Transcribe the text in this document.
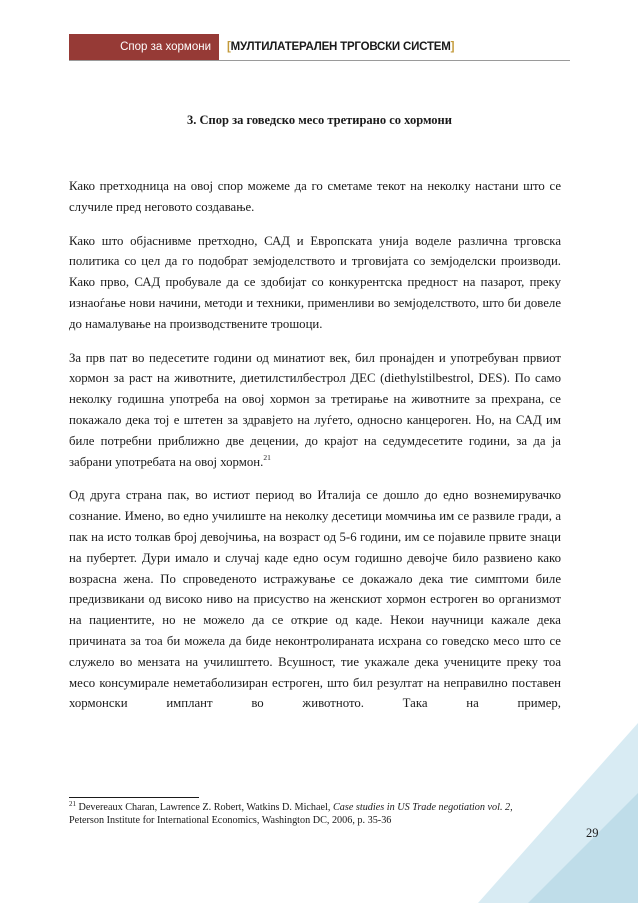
Спор за хормони [ МУЛТИЛАТЕРАЛЕН ТРГОВСКИ СИСТЕМ ]
3. Спор за говедско месо третирано со хормони

Како претходница на овој спор можеме да го сметаме текот на неколку настани што се случиле пред неговото создавање.

Како што објаснивме претходно, САД и Европската унија воделе различна трговска политика со цел да го подобрат земјоделството и трговијата со земјоделски производи. Како прво, САД пробувале да се здобијат со конкурентска предност на пазарот, преку изнаоѓање нови начини, методи и техники, применливи во земјоделството, што би довеле до намалување на производствените трошоци.

За прв пат во педесетите години од минатиот век, бил пронајден и употребуван првиот хормон за раст на животните, диетилстилбестрол ДЕС (diethylstilbestrol, DES). По само неколку годишна употреба на овој хормон за третирање на животните за прехрана, се покажало дека тој е штетен за здравјето на луѓето, односно канцероген. Но, на САД им биле потребни приближно две децении, до крајот на седумдесетите години, за да ја забрани употребата на овој хормон.$^{21}$

Од друга страна пак, во истиот период во Италија се дошло до едно вознемирувачко сознание. Имено, во едно училиште на неколку десетици момчиња им се развиле гради, а пак на исто толкав број девојчиња, на возраст од 5-6 години, им се појавиле првите знаци на пубертет. Дури имало и случај каде едно осум годишно девојче било развиено како возрасна жена. По спроведеното истражување се докажало дека тие симптоми биле предизвикани од високо ниво на присуство на женскиот хормон естроген во организмот на пациентите, но не можело да се открие од каде. Некои научници кажале дека причината за тоа би можела да биде неконтролираната исхрана со говедско месо што се служело во мензата на училиштето. Всушност, тие укажале дека учениците преку тоа месо консумирале неметаболизиран естроген, што бил резултат на неправилно поставен хормонски имплант во животното. Така на пример,

$^{21}$ Devereaux Charan, Lawrence Z. Robert, Watkins D. Michael, Case studies in US Trade negotiation vol. 2,
Peterson Institute for International Economics, Washington DC, 2006, p. 35-36
29
